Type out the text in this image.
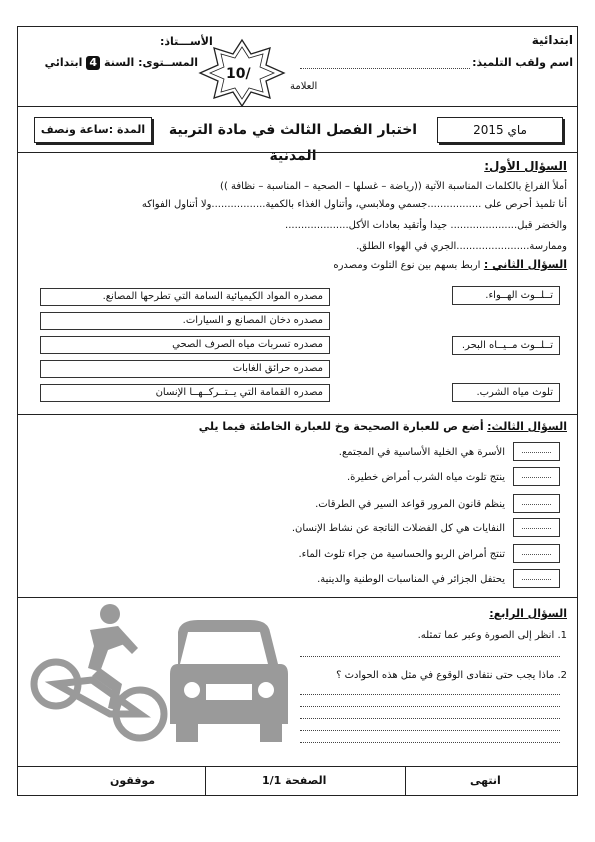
ابتدائية
الأســـتاذ:
اسم ولقب التلميذ:
المســتوى: السنة 4 ابتدائي
/10
العلامة
ماي 2015
اختبار الفصل الثالث في مادة التربية المدنية
المدة :ساعة ونصف
السؤال الأول:
أملأ الفراغ بالكلمات المناسبة الآتية ((رياضة – غسلها – الصحية – المناسبة – نظافة ))
أنا تلميذ أحرص على .................جسمي وملابسي، وأتناول الغذاء بالكمية.................ولا أتناول الفواكه
والخضر قبل..................... جيدا وأتقيد بعادات الأكل....................
وممارسة.......................الجري في الهواء الطلق.
السؤال الثاني : اربط بسهم بين نوع التلوث ومصدره
تــلــوث الهــواء.
تــلــوث مــيــاه البحر.
تلوث مياه الشرب.
مصدره المواد الكيميائية السامة التي تطرحها المصانع.
مصدره دخان المصانع و السيارات.
مصدره تسربات مياه الصرف الصحي
مصدره حرائق الغابات
مصدره القمامة التي يــتــركــهــا الإنسان
السؤال الثالث: أضع ص للعبارة الصحيحة وخ للعبارة الخاطئة فيما يلي
الأسرة هي الخلية الأساسية في المجتمع.
ينتج تلوث مياه الشرب أمراض خطيرة.
ينظم قانون المرور قواعد السير في الطرقات.
النفايات هي كل الفضلات الناتجة عن نشاط الإنسان.
تنتج أمراض الربو والحساسية من جراء تلوث الماء.
يحتفل الجزائر في المناسبات الوطنية والدينية.
السؤال الرابع:
1. انظر إلى الصورة وعبر عما تمثله.
2. ماذا يجب حتى نتفادى الوقوع في مثل هذه الحوادث ؟
انتهى
الصفحة 1/1
موفقون
